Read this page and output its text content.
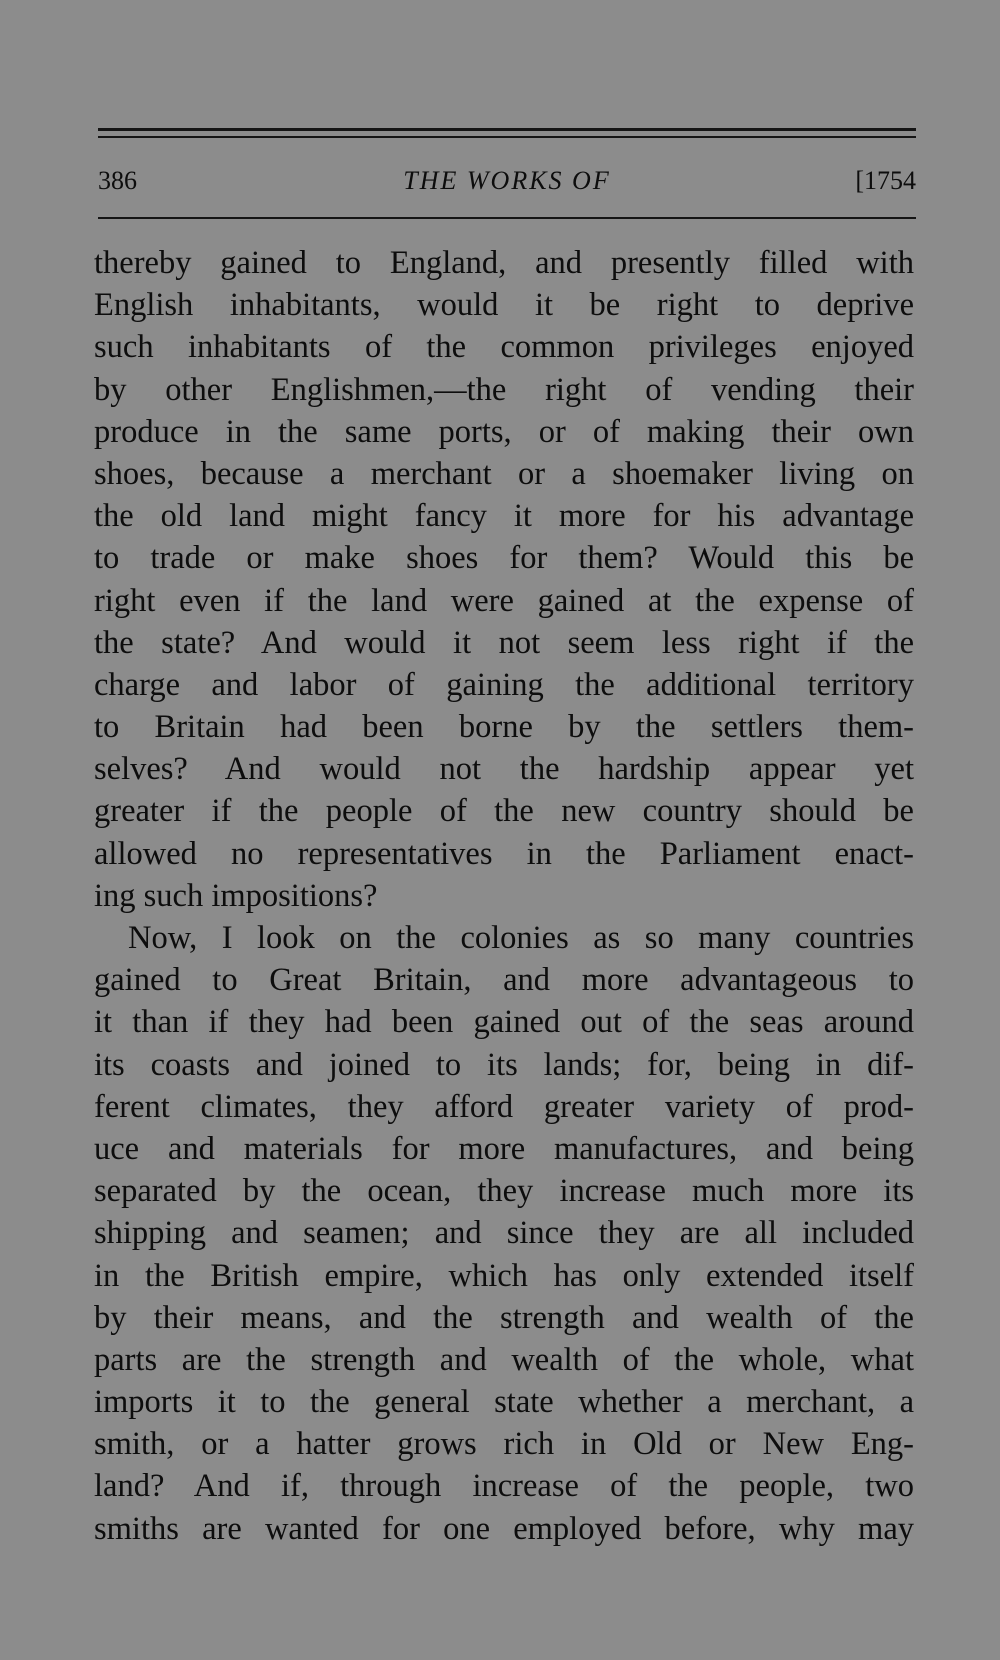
386	THE WORKS OF	[1754
thereby gained to England, and presently filled with
English inhabitants, would it be right to deprive
such inhabitants of the common privileges enjoyed
by other Englishmen,—the right of vending their
produce in the same ports, or of making their own
shoes, because a merchant or a shoemaker living on
the old land might fancy it more for his advantage
to trade or make shoes for them? Would this be
right even if the land were gained at the expense of
the state? And would it not seem less right if the
charge and labor of gaining the additional territory
to Britain had been borne by the settlers them-
selves? And would not the hardship appear yet
greater if the people of the new country should be
allowed no representatives in the Parliament enact-
ing such impositions?
Now, I look on the colonies as so many countries
gained to Great Britain, and more advantageous to
it than if they had been gained out of the seas around
its coasts and joined to its lands; for, being in dif-
ferent climates, they afford greater variety of prod-
uce and materials for more manufactures, and being
separated by the ocean, they increase much more its
shipping and seamen; and since they are all included
in the British empire, which has only extended itself
by their means, and the strength and wealth of the
parts are the strength and wealth of the whole, what
imports it to the general state whether a merchant, a
smith, or a hatter grows rich in Old or New Eng-
land? And if, through increase of the people, two
smiths are wanted for one employed before, why may
